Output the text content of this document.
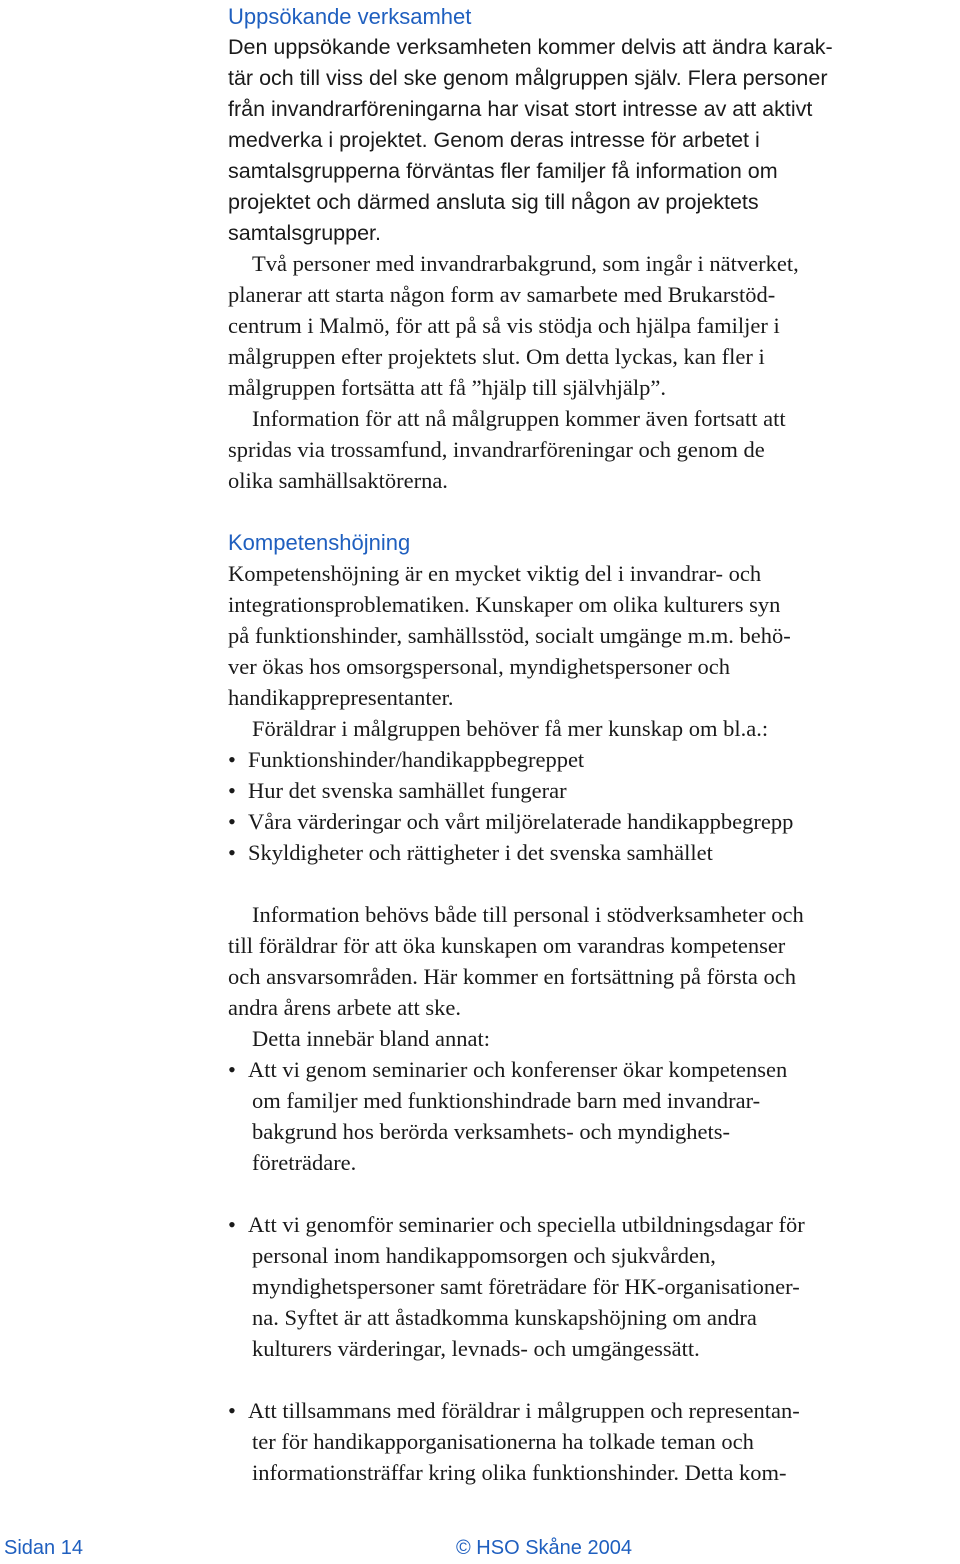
Uppsökande verksamhet
Den uppsökande verksamheten kommer delvis att ändra karak-
tär och till viss del ske genom målgruppen själv. Flera personer
från invandrarföreningarna har visat stort intresse av att aktivt
medverka i projektet. Genom deras intresse för arbetet i
samtalsgrupperna förväntas fler familjer få information om
projektet och därmed ansluta sig till någon av projektets
samtalsgrupper.
Två personer med invandrarbakgrund, som ingår i nätverket,
planerar att starta någon form av samarbete med Brukarstöd-
centrum i Malmö, för att på så vis stödja och hjälpa familjer i
målgruppen efter projektets slut. Om detta lyckas, kan fler i
målgruppen fortsätta att få ”hjälp till självhjälp”.
Information för att nå målgruppen kommer även fortsatt att
spridas via trossamfund, invandrarföreningar och genom de
olika samhällsaktörerna.
Kompetenshöjning
Kompetenshöjning är en mycket viktig del i invandrar- och
integrationsproblematiken. Kunskaper om olika kulturers syn
på funktionshinder, samhällsstöd, socialt umgänge m.m. behö-
ver ökas hos omsorgspersonal, myndighetspersoner och
handikapprepresentanter.
Föräldrar i målgruppen behöver få mer kunskap om bl.a.:
• Funktionshinder/handikappbegreppet
• Hur det svenska samhället fungerar
• Våra värderingar och vårt miljörelaterade handikappbegrepp
• Skyldigheter och rättigheter i det svenska samhället
Information behövs både till personal i stödverksamheter och
till föräldrar för att öka kunskapen om varandras kompetenser
och ansvarsområden. Här kommer en fortsättning på första och
andra årens arbete att ske.
Detta innebär bland annat:
• Att vi genom seminarier och konferenser ökar kompetensen
om familjer med funktionshindrade barn med invandrar-
bakgrund hos berörda verksamhets- och myndighets-
företrädare.
• Att vi genomför seminarier och speciella utbildningsdagar för
personal inom handikappomsorgen och sjukvården,
myndighetspersoner samt företrädare för HK-organisationer-
na. Syftet är att åstadkomma kunskapshöjning om andra
kulturers värderingar, levnads- och umgängessätt.
• Att tillsammans med föräldrar i målgruppen och representan-
ter för handikapporganisationerna ha tolkade teman och
informationsträffar kring olika funktionshinder. Detta kom-
Sidan 14	© HSO Skåne 2004
